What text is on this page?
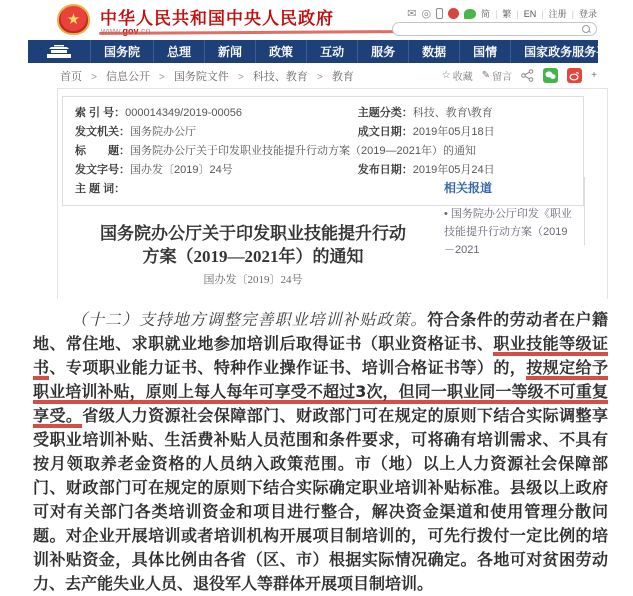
★ 中华人民共和国中央人民政府	✉ ◎	简 | 繁 | EN | 注册 | 登录
国务院	总理	新闻	政策	互动	服务	数据	国情	国家政务服务平台
首页 > 信息公开 > 国务院文件 > 科技、教育 > 教育	☆ 收藏 ✎ 留言	+
索 引 号：000014349/2019-00056	主题分类：科技、教育\教育
发文机关：国务院办公厅	成文日期：2019年05月18日
标　　题：国务院办公厅关于印发职业技能提升行动方案（2019—2021年）的通知
发文字号：国办发〔2019〕24号	发布日期：2019年05月24日
主 题 词：
国务院办公厅关于印发职业技能提升行动
方案（2019—2021年）的通知
国办发〔2019〕24号
相关报道
• 国务院办公厅印发《职业技能提升行动方案（2019－2021

（十二）支持地方调整完善职业培训补贴政策。符合条件的劳动者在户籍地、常住地、求职就业地参加培训后取得证书（职业资格证书、职业技能等级证书、专项职业能力证书、特种作业操作证书、培训合格证书等）的，按规定给予职业培训补贴，原则上每人每年可享受不超过3次，但同一职业同一等级不可重复享受。省级人力资源社会保障部门、财政部门可在规定的原则下结合实际调整享受职业培训补贴、生活费补贴人员范围和条件要求，可将确有培训需求、不具有按月领取养老金资格的人员纳入政策范围。市（地）以上人力资源社会保障部门、财政部门可在规定的原则下结合实际确定职业培训补贴标准。县级以上政府可对有关部门各类培训资金和项目进行整合，解决资金渠道和使用管理分散问题。对企业开展培训或者培训机构开展项目制培训的，可先行拨付一定比例的培训补贴资金，具体比例由各省（区、市）根据实际情况确定。各地可对贫困劳动力、去产能失业人员、退役军人等群体开展项目制培训。
